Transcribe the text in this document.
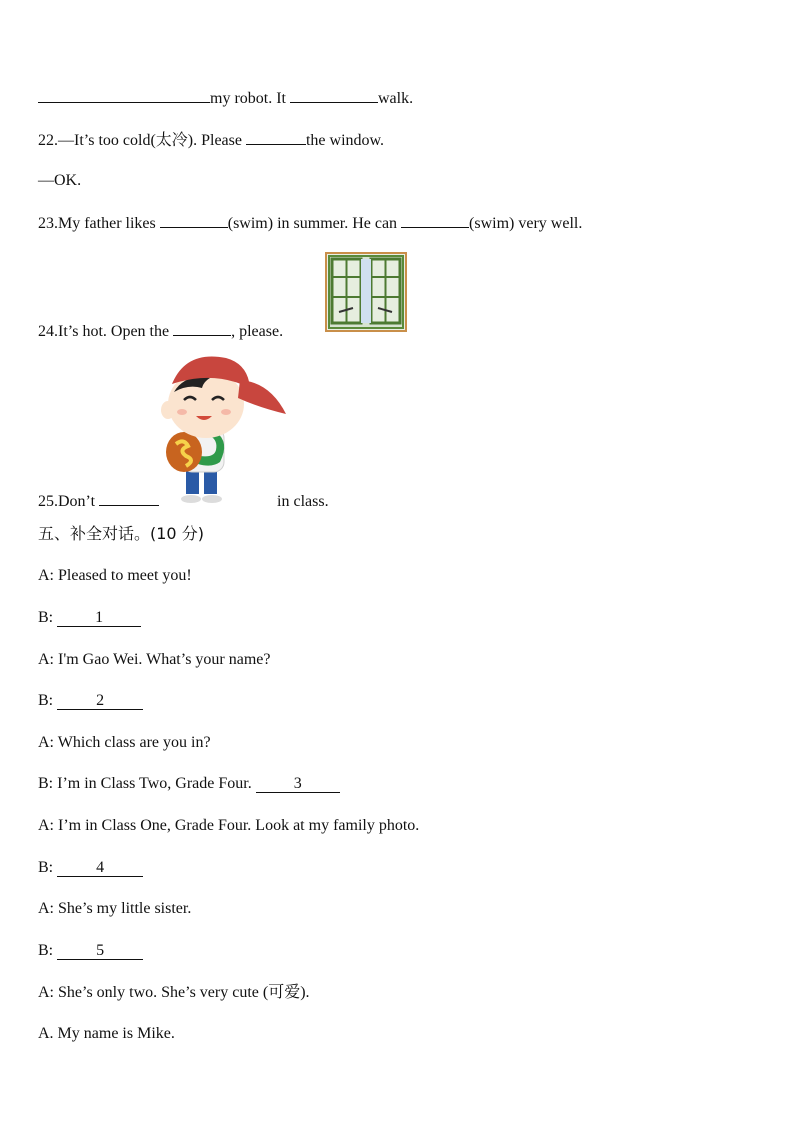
my robot. It	walk.
22.—It’s too cold(太冷). Please	the window.
—OK.
23.My father likes	(swim) in summer. He can	(swim) very well.
24.It’s hot. Open the	, please.
25.Don’t	in class.
五、补全对话。(10 分)
A: Pleased to meet you!
B:	1
A: I'm Gao Wei. What’s your name?
B:	2
A: Which class are you in?
B: I’m in Class Two, Grade Four. 3
A: I’m in Class One, Grade Four. Look at my family photo.
B:	4
A: She’s my little sister.
B:	5
A: She’s only two. She’s very cute (可爱).
A. My name is Mike.
